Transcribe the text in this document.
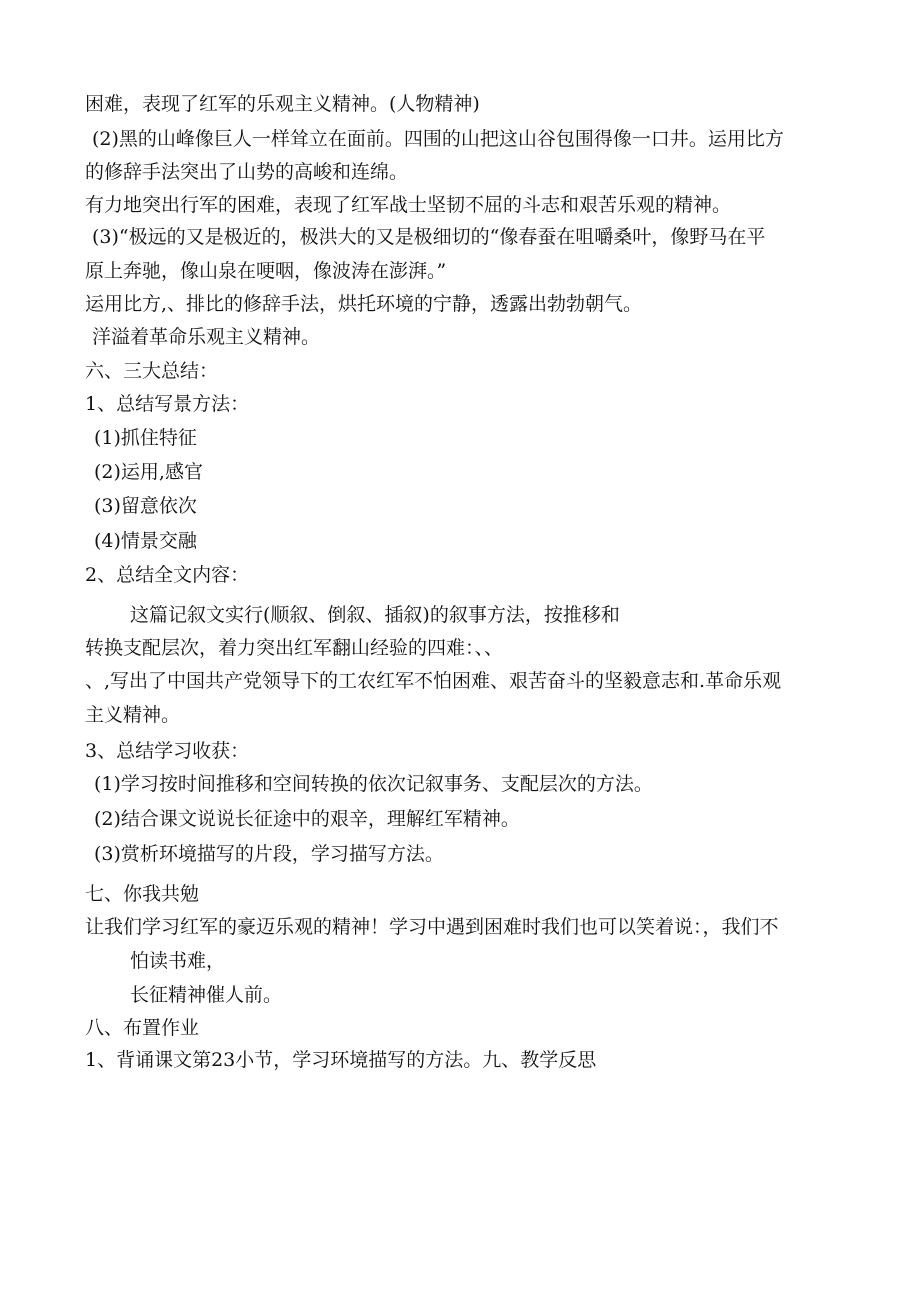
困难，表现了红军的乐观主义精神。(人物精神)
(2)黑的山峰像巨人一样耸立在面前。四围的山把这山谷包围得像一口井。运用比方
的修辞手法突出了山势的高峻和连绵。
有力地突出行军的困难，表现了红军战士坚韧不屈的斗志和艰苦乐观的精神。
(3)“极远的又是极近的，极洪大的又是极细切的“像春蚕在咀嚼桑叶，像野马在平
原上奔驰，像山泉在哽咽，像波涛在澎湃。”
运用比方,、排比的修辞手法，烘托环境的宁静，透露出勃勃朝气。
洋溢着革命乐观主义精神。
六、三大总结：
1、总结写景方法：
(1)抓住特征
(2)运用,感官
(3)留意依次
(4)情景交融
2、总结全文内容：
这篇记叙文实行(顺叙、倒叙、插叙)的叙事方法，按推移和
转换支配层次，着力突出红军翻山经验的四难：、、
、,写出了中国共产党领导下的工农红军不怕困难、艰苦奋斗的坚毅意志和.革命乐观
主义精神。
3、总结学习收获：
(1)学习按时间推移和空间转换的依次记叙事务、支配层次的方法。
(2)结合课文说说长征途中的艰辛，理解红军精神。
(3)赏析环境描写的片段，学习描写方法。
七、你我共勉
让我们学习红军的豪迈乐观的精神！学习中遇到困难时我们也可以笑着说：，我们不
怕读书难，
长征精神催人前。
八、布置作业
1、背诵课文第23小节，学习环境描写的方法。九、教学反思
